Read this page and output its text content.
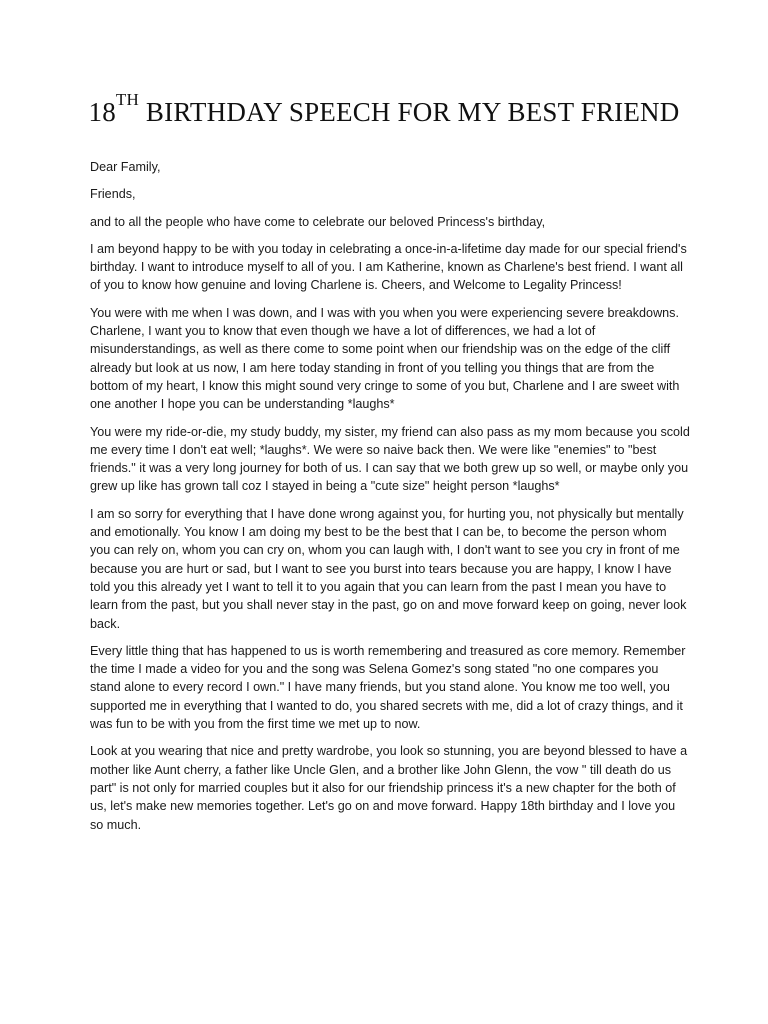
18TH BIRTHDAY SPEECH FOR MY BEST FRIEND

Dear Family,

Friends,

and to all the people who have come to celebrate our beloved Princess's birthday,

I am beyond happy to be with you today in celebrating a once-in-a-lifetime day made for our special friend's birthday. I want to introduce myself to all of you. I am Katherine, known as Charlene's best friend. I want all of you to know how genuine and loving Charlene is. Cheers, and Welcome to Legality Princess!

You were with me when I was down, and I was with you when you were experiencing severe breakdowns. Charlene, I want you to know that even though we have a lot of differences, we had a lot of misunderstandings, as well as there come to some point when our friendship was on the edge of the cliff already but look at us now, I am here today standing in front of you telling you things that are from the bottom of my heart, I know this might sound very cringe to some of you but, Charlene and I are sweet with one another I hope you can be understanding *laughs*

You were my ride-or-die, my study buddy, my sister, my friend can also pass as my mom because you scold me every time I don't eat well; *laughs*. We were so naive back then. We were like "enemies" to "best friends." it was a very long journey for both of us. I can say that we both grew up so well, or maybe only you grew up like has grown tall coz I stayed in being a "cute size" height person *laughs*

I am so sorry for everything that I have done wrong against you, for hurting you, not physically but mentally and emotionally. You know I am doing my best to be the best that I can be, to become the person whom you can rely on, whom you can cry on, whom you can laugh with, I don't want to see you cry in front of me because you are hurt or sad, but I want to see you burst into tears because you are happy, I know I have told you this already yet I want to tell it to you again that you can learn from the past I mean you have to learn from the past, but you shall never stay in the past, go on and move forward keep on going, never look back.

Every little thing that has happened to us is worth remembering and treasured as core memory. Remember the time I made a video for you and the song was Selena Gomez's song stated "no one compares you stand alone to every record I own." I have many friends, but you stand alone. You know me too well, you supported me in everything that I wanted to do, you shared secrets with me, did a lot of crazy things, and it was fun to be with you from the first time we met up to now.

Look at you wearing that nice and pretty wardrobe, you look so stunning, you are beyond blessed to have a mother like Aunt cherry, a father like Uncle Glen, and a brother like John Glenn, the vow " till death do us part" is not only for married couples but it also for our friendship princess it's a new chapter for the both of us, let's make new memories together. Let's go on and move forward. Happy 18th birthday and I love you so much.
